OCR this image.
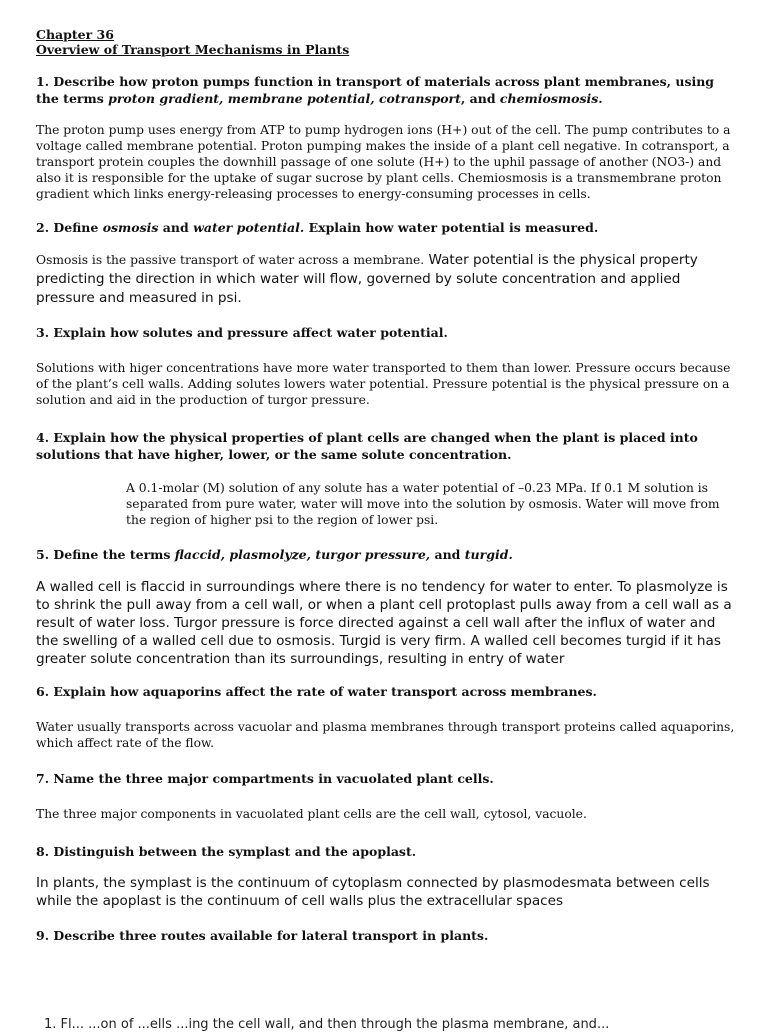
Chapter 36
Overview of Transport Mechanisms in Plants

1. Describe how proton pumps function in transport of materials across plant membranes, using the terms proton gradient, membrane potential, cotransport, and chemiosmosis.

The proton pump uses energy from ATP to pump hydrogen ions (H+) out of the cell. The pump contributes to a voltage called membrane potential. Proton pumping makes the inside of a plant cell negative. In cotransport, a transport protein couples the downhill passage of one solute (H+) to the uphil passage of another (NO3-) and also it is responsible for the uptake of sugar sucrose by plant cells. Chemiosmosis is a transmembrane proton gradient which links energy-releasing processes to energy-consuming processes in cells.

2. Define osmosis and water potential. Explain how water potential is measured.

Osmosis is the passive transport of water across a membrane. Water potential is the physical property predicting the direction in which water will flow, governed by solute concentration and applied pressure and measured in psi.

3. Explain how solutes and pressure affect water potential.

Solutions with higer concentrations have more water transported to them than lower. Pressure occurs because of the plant’s cell walls. Adding solutes lowers water potential. Pressure potential is the physical pressure on a solution and aid in the production of turgor pressure.

4. Explain how the physical properties of plant cells are changed when the plant is placed into solutions that have higher, lower, or the same solute concentration.

A 0.1-molar (M) solution of any solute has a water potential of –0.23 MPa. If 0.1 M solution is separated from pure water, water will move into the solution by osmosis. Water will move from the region of higher psi to the region of lower psi.

5. Define the terms flaccid, plasmolyze, turgor pressure, and turgid.

A walled cell is flaccid in surroundings where there is no tendency for water to enter. To plasmolyze is to shrink the pull away from a cell wall, or when a plant cell protoplast pulls away from a cell wall as a result of water loss. Turgor pressure is force directed against a cell wall after the influx of water and the swelling of a walled cell due to osmosis. Turgid is very firm. A walled cell becomes turgid if it has greater solute concentration than its surroundings, resulting in entry of water

6. Explain how aquaporins affect the rate of water transport across membranes.

Water usually transports across vacuolar and plasma membranes through transport proteins called aquaporins, which affect rate of the flow.

7. Name the three major compartments in vacuolated plant cells.

The three major components in vacuolated plant cells are the cell wall, cytosol, vacuole.

8. Distinguish between the symplast and the apoplast.

In plants, the symplast is the continuum of cytoplasm connected by plasmodesmata between cells while the apoplast is the continuum of cell walls plus the extracellular spaces

9. Describe three routes available for lateral transport in plants.

1. Fl... ...on of ...ells ...ing the cell wall, and then through the plasma membrane, and...
